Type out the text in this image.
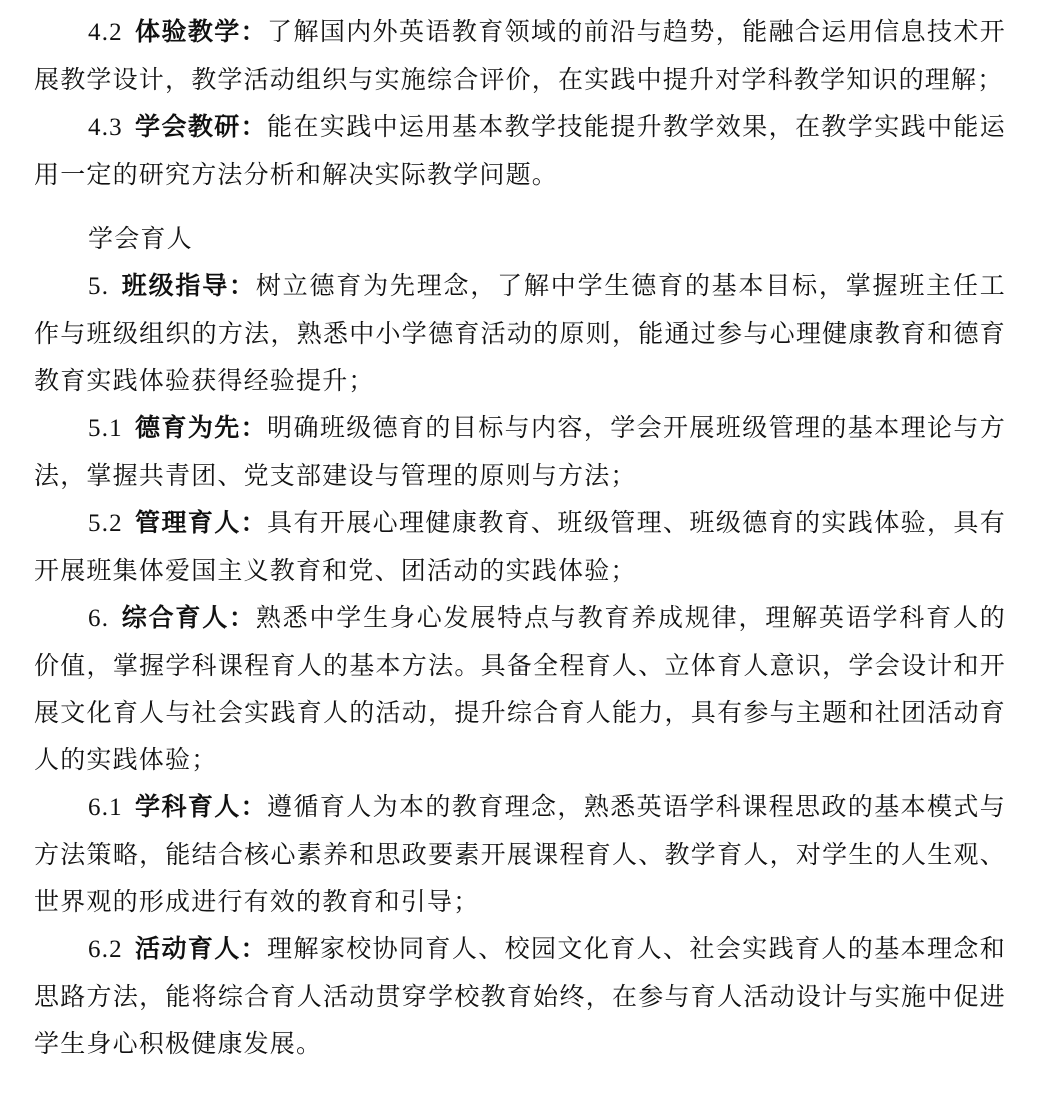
4.2 体验教学：了解国内外英语教育领域的前沿与趋势，能融合运用信息技术开展教学设计，教学活动组织与实施综合评价，在实践中提升对学科教学知识的理解；

4.3 学会教研：能在实践中运用基本教学技能提升教学效果，在教学实践中能运用一定的研究方法分析和解决实际教学问题。

学会育人

5. 班级指导：树立德育为先理念，了解中学生德育的基本目标，掌握班主任工作与班级组织的方法，熟悉中小学德育活动的原则，能通过参与心理健康教育和德育教育实践体验获得经验提升；

5.1 德育为先：明确班级德育的目标与内容，学会开展班级管理的基本理论与方法，掌握共青团、党支部建设与管理的原则与方法；

5.2 管理育人：具有开展心理健康教育、班级管理、班级德育的实践体验，具有开展班集体爱国主义教育和党、团活动的实践体验；

6. 综合育人：熟悉中学生身心发展特点与教育养成规律，理解英语学科育人的价值，掌握学科课程育人的基本方法。具备全程育人、立体育人意识，学会设计和开展文化育人与社会实践育人的活动，提升综合育人能力，具有参与主题和社团活动育人的实践体验；

6.1 学科育人：遵循育人为本的教育理念，熟悉英语学科课程思政的基本模式与方法策略，能结合核心素养和思政要素开展课程育人、教学育人，对学生的人生观、世界观的形成进行有效的教育和引导；

6.2 活动育人：理解家校协同育人、校园文化育人、社会实践育人的基本理念和思路方法，能将综合育人活动贯穿学校教育始终，在参与育人活动设计与实施中促进学生身心积极健康发展。
